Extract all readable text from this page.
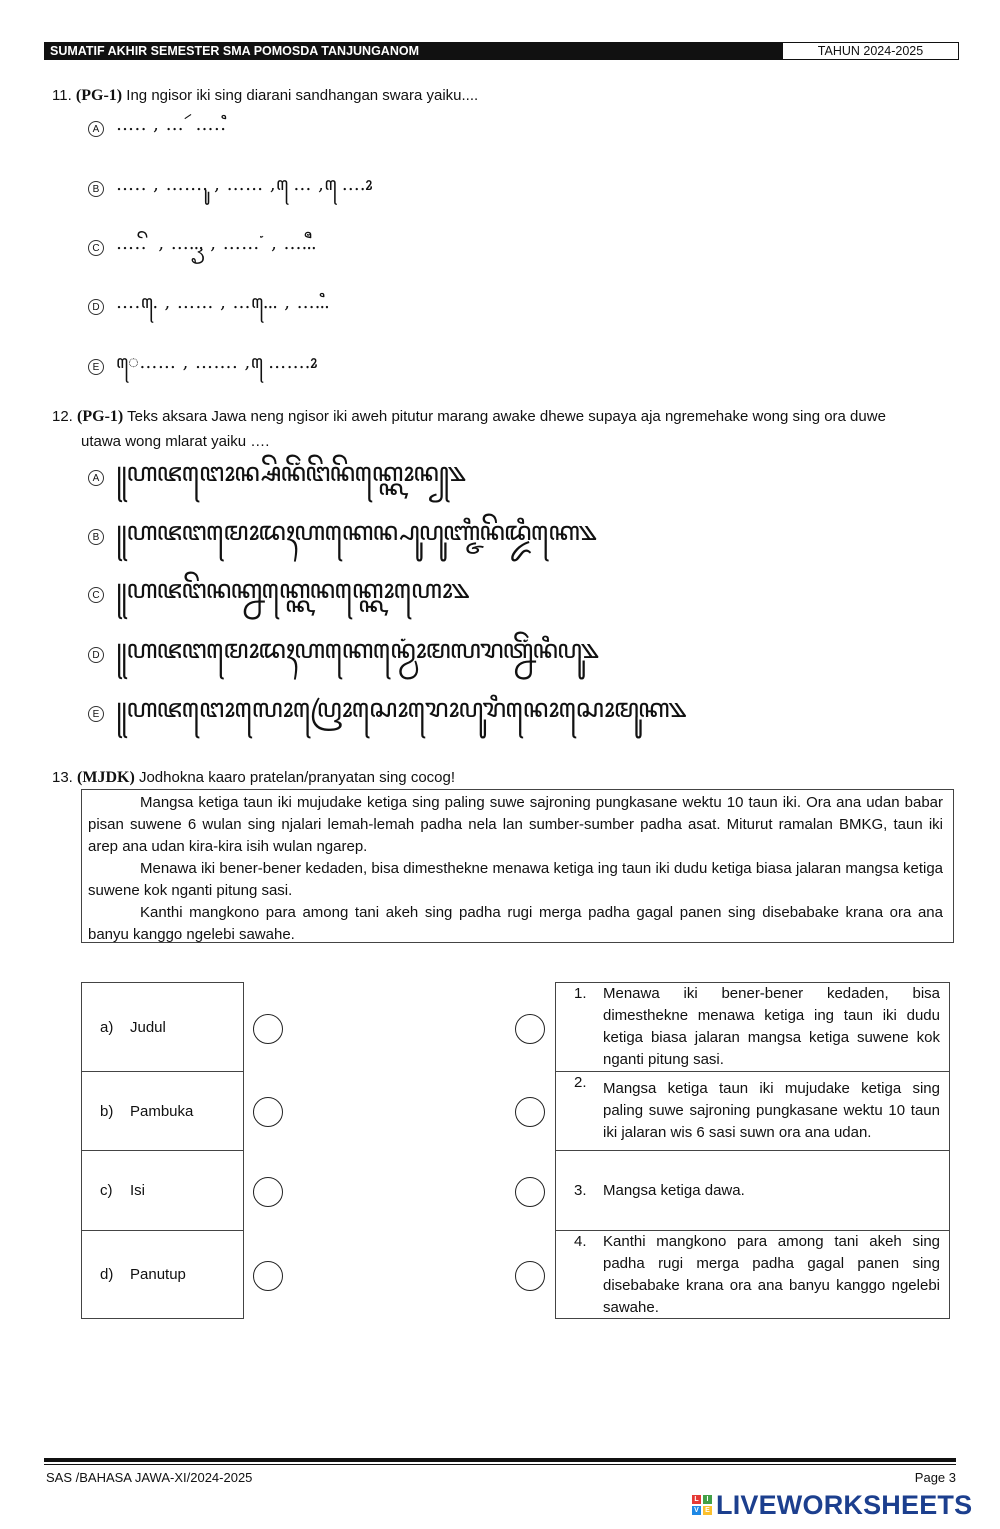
SUMATIF AKHIR SEMESTER SMA POMOSDA TANJUNGANOM	TAHUN 2024-2025
11. (PG-1) Ing ngisor iki sing diarani sandhangan swara yaiku....
A ….. , … ꦂ ….. ꦶ
B ….. , …….ꦸ , …… , ꦺ… , ꦺ….ꦴ
C ….. ꦼ , ……ꦽ , …… ꦁ , ……ꦷ
D …..ꦺ , …… , ……ꦺ , ……ꦶ
E ꦺ…… , ……. , ꦺ…….ꦴ
12. (PG-1) Teks aksara Jawa neng ngisor iki aweh pitutur marang awake dhewe supaya aja ngremehake wong sing ora duwe
utawa wong mlarat yaiku ….
A ꧋ꦲꦗꦔꦺꦴꦤ꧀ꦱꦼꦤꦼꦁꦔꦼꦤꦼꦏ꧀ꦏꦺꦴꦤ꧀꧉
B ꧋ꦲꦗꦔꦩꦺꦴꦢꦃꦲꦏꦺꦤ꧀ꦥꦸꦥꦸꦚ꧀ꦗꦶꦤꦼꦢ꧀ꦢꦶꦏꦺ꧉
C ꧋ꦲꦗꦔꦼꦤꦏ꧀ꦤꦏ꧀ꦏꦺꦤꦏ꧀ꦏꦺꦴꦲꦺꦴ꧉
D ꧋ꦲꦗꦔꦩꦺꦴꦢꦃꦲꦏꦺꦤ꧀ꦮꦺꦴꦁꦩꦭꦫꦠ꧀ꦤꦼꦁꦤꦶꦥꦸ꧉
E ꧋ꦲꦗꦔꦺꦴꦭꦺꦴꦥꦿꦺꦴꦱꦺꦴꦫꦺꦴꦥꦸꦫꦶꦤꦺꦴꦱꦺꦴꦩꦸꦏ꧉
13. (MJDK) Jodhokna kaaro pratelan/pranyatan sing cocog!

Mangsa ketiga taun iki mujudake ketiga sing paling suwe sajroning pungkasane wektu 10 taun iki. Ora ana udan babar pisan suwene 6 wulan sing njalari lemah-lemah padha nela lan sumber-sumber padha asat. Miturut ramalan BMKG, taun iki arep ana udan kira-kira isih wulan ngarep.

Menawa iki bener-bener kedaden, bisa dimesthekne menawa ketiga ing taun iki dudu ketiga biasa jalaran mangsa ketiga suwene kok nganti pitung sasi.

Kanthi mangkono para among tani akeh sing padha rugi merga padha gagal panen sing disebabake krana ora ana banyu kanggo ngelebi sawahe.

a)	Judul
b)	Pambuka
c)	Isi
d)	Panutup
1.	Menawa iki bener-bener kedaden, bisa dimesthekne menawa ketiga ing taun iki dudu ketiga biasa jalaran mangsa ketiga suwene kok nganti pitung sasi.
2.	Mangsa ketiga taun iki mujudake ketiga sing paling suwe sajroning pungkasane wektu 10 taun iki jalaran wis 6 sasi suwn ora ana udan.
3.	Mangsa ketiga dawa.
4.	Kanthi mangkono para among tani akeh sing padha rugi merga padha gagal panen sing disebabake krana ora ana banyu kanggo ngelebi sawahe.
SAS /BAHASA JAWA-XI/2024-2025	Page 3
L	I
V E LIVEWORKSHEETS
